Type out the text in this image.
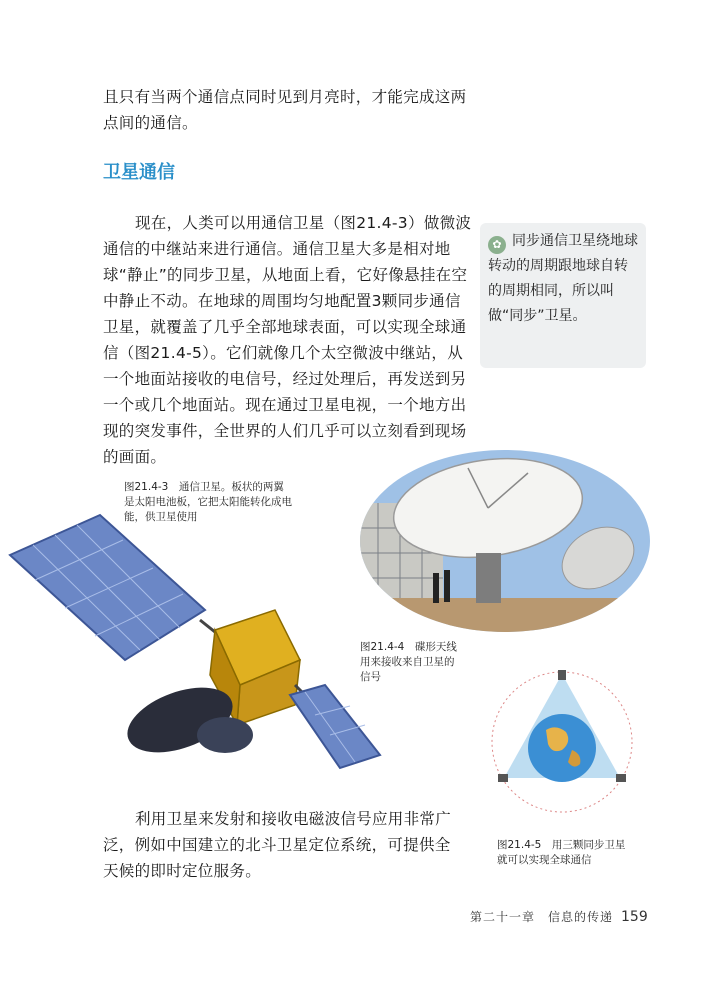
且只有当两个通信点同时见到月亮时，才能完成这两点间的通信。
卫星通信
现在，人类可以用通信卫星（图21.4-3）做微波通信的中继站来进行通信。通信卫星大多是相对地球“静止”的同步卫星，从地面上看，它好像悬挂在空中静止不动。在地球的周围均匀地配置3颗同步通信卫星，就覆盖了几乎全部地球表面，可以实现全球通信（图21.4-5）。它们就像几个太空微波中继站，从一个地面站接收的电信号，经过处理后，再发送到另一个或几个地面站。现在通过卫星电视，一个地方出现的突发事件，全世界的人们几乎可以立刻看到现场的画面。
✿ 同步通信卫星绕地球转动的周期跟地球自转的周期相同，所以叫做“同步”卫星。
图21.4-3　通信卫星。板状的两翼是太阳电池板，它把太阳能转化成电能，供卫星使用
图21.4-4　碟形天线用来接收来自卫星的信号
图21.4-5　用三颗同步卫星就可以实现全球通信
利用卫星来发射和接收电磁波信号应用非常广泛，例如中国建立的北斗卫星定位系统，可提供全天候的即时定位服务。
第二十一章　信息的传递 159
